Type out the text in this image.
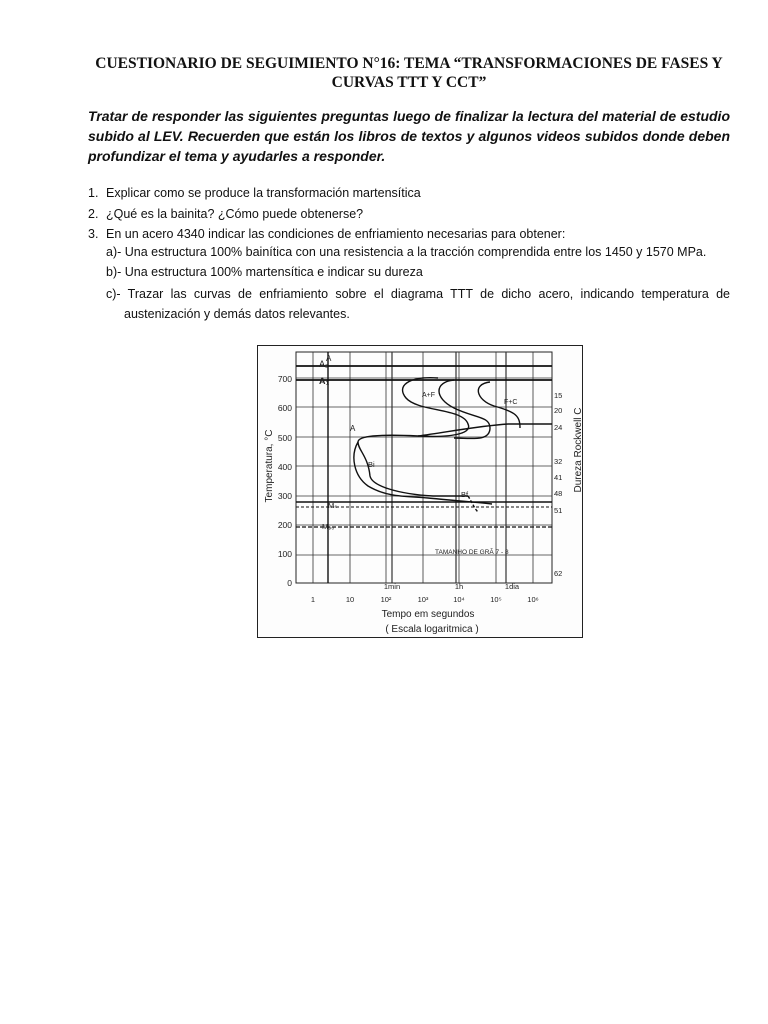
CUESTIONARIO DE SEGUIMIENTO N°16: TEMA “TRANSFORMACIONES DE FASES Y CURVAS TTT Y CCT”
Tratar de responder las siguientes preguntas luego de finalizar la lectura del material de estudio subido al LEV. Recuerden que están los libros de textos y algunos videos subidos donde deben profundizar el tema y ayudarles a responder.
1. Explicar como se produce la transformación martensítica
2. ¿Qué es la bainita? ¿Cómo puede obtenerse?
3. En un acero 4340 indicar las condiciones de enfriamiento necesarias para obtener:
a)- Una estructura 100% bainítica con una resistencia a la tracción comprendida entre los 1450 y 1570 MPa.
b)- Una estructura 100% martensítica e indicar su dureza
c)- Trazar las curvas de enfriamiento sobre el diagrama TTT de dicho acero, indicando temperatura de austenización y demás datos relevantes.
0
100
200
300
400
500
600
700
1	10	10²	10³	10⁴	10⁵	10⁶
1min	1h	1dia
15
20
24
32
41
48
51
62
A
A₃
A₁
A
A+F
F+C
Bi
Bf
Mₛ
M₉₀
TAMANHO DE GRÃ 7 - 8
Temperatura, °C	Dureza Rockwell C
Tempo em segundos
( Escala logaritmica )
